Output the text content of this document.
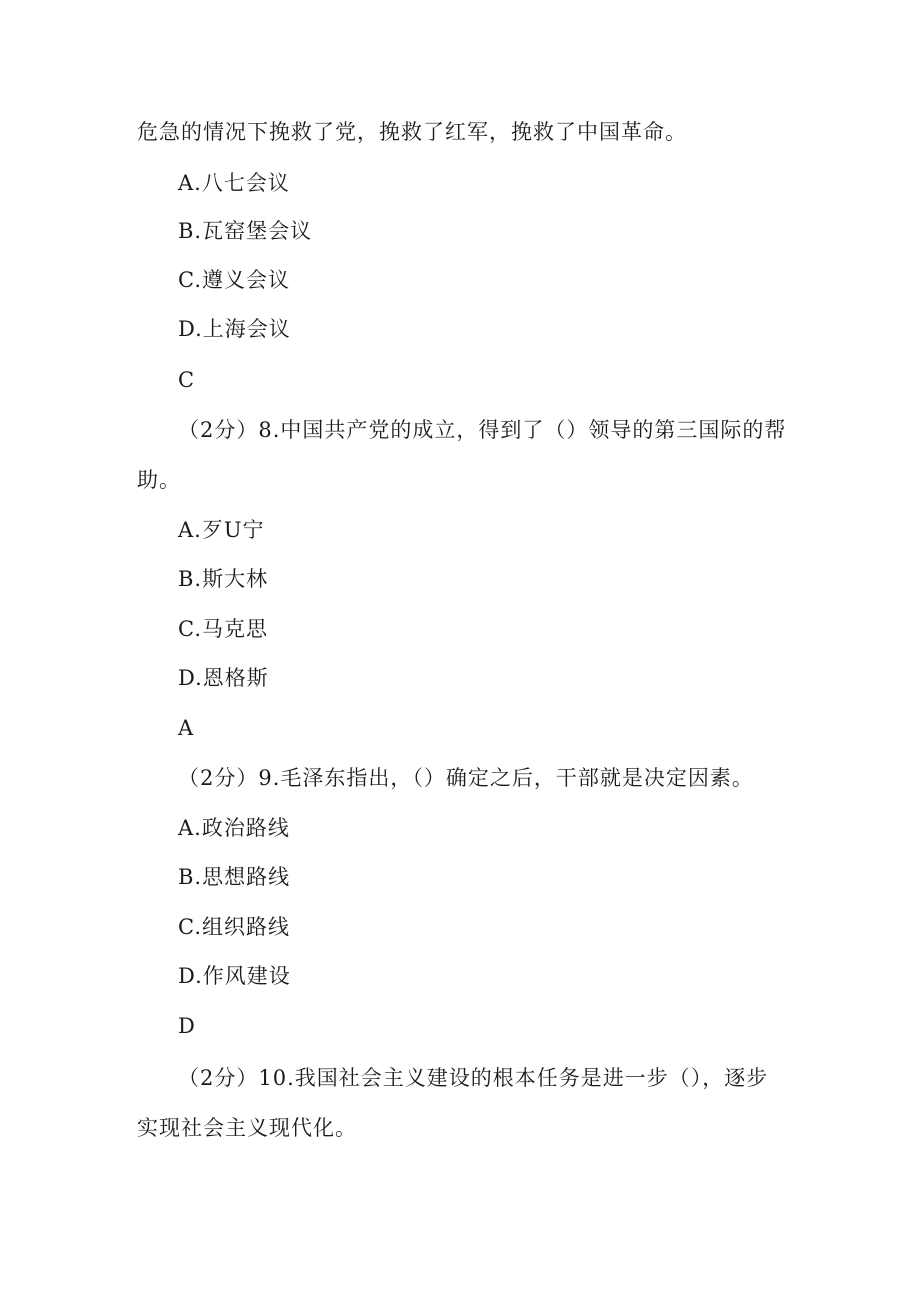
危急的情况下挽救了党，挽救了红军，挽救了中国革命。
A.八七会议
B.瓦窑堡会议
C.遵义会议
D.上海会议
C
（2分）8.中国共产党的成立，得到了（）领导的第三国际的帮
助。
A.歹U宁
B.斯大林
C.马克思
D.恩格斯
A
（2分）9.毛泽东指出，（）确定之后，干部就是决定因素。
A.政治路线
B.思想路线
C.组织路线
D.作风建设
D
（2分）10.我国社会主义建设的根本任务是进一步（），逐步
实现社会主义现代化。
